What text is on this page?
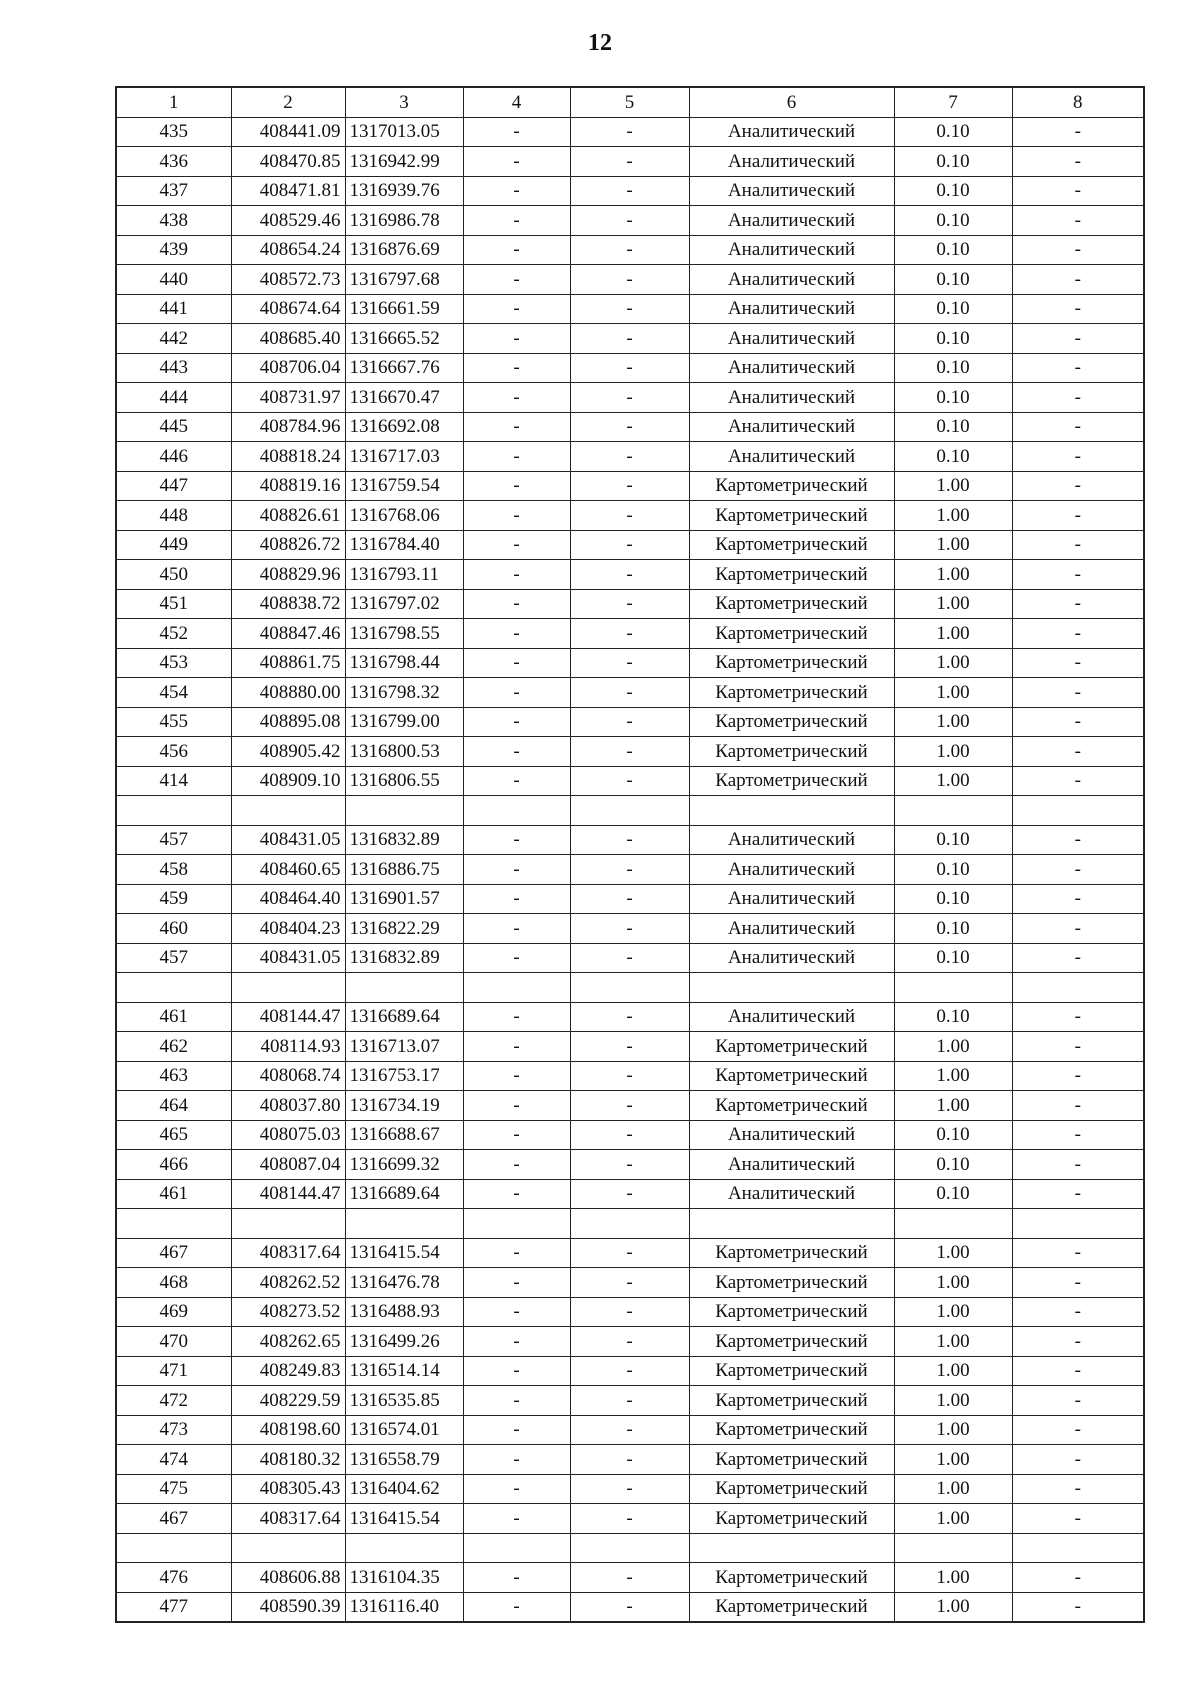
12
1	2	3	4	5	6	7	8
435	408441.09	1317013.05	-	-	Аналитический	0.10	-
436	408470.85	1316942.99	-	-	Аналитический	0.10	-
437	408471.81	1316939.76	-	-	Аналитический	0.10	-
438	408529.46	1316986.78	-	-	Аналитический	0.10	-
439	408654.24	1316876.69	-	-	Аналитический	0.10	-
440	408572.73	1316797.68	-	-	Аналитический	0.10	-
441	408674.64	1316661.59	-	-	Аналитический	0.10	-
442	408685.40	1316665.52	-	-	Аналитический	0.10	-
443	408706.04	1316667.76	-	-	Аналитический	0.10	-
444	408731.97	1316670.47	-	-	Аналитический	0.10	-
445	408784.96	1316692.08	-	-	Аналитический	0.10	-
446	408818.24	1316717.03	-	-	Аналитический	0.10	-
447	408819.16	1316759.54	-	-	Картометрический	1.00	-
448	408826.61	1316768.06	-	-	Картометрический	1.00	-
449	408826.72	1316784.40	-	-	Картометрический	1.00	-
450	408829.96	1316793.11	-	-	Картометрический	1.00	-
451	408838.72	1316797.02	-	-	Картометрический	1.00	-
452	408847.46	1316798.55	-	-	Картометрический	1.00	-
453	408861.75	1316798.44	-	-	Картометрический	1.00	-
454	408880.00	1316798.32	-	-	Картометрический	1.00	-
455	408895.08	1316799.00	-	-	Картометрический	1.00	-
456	408905.42	1316800.53	-	-	Картометрический	1.00	-
414	408909.10	1316806.55	-	-	Картометрический	1.00	-

457	408431.05	1316832.89	-	-	Аналитический	0.10	-
458	408460.65	1316886.75	-	-	Аналитический	0.10	-
459	408464.40	1316901.57	-	-	Аналитический	0.10	-
460	408404.23	1316822.29	-	-	Аналитический	0.10	-
457	408431.05	1316832.89	-	-	Аналитический	0.10	-

461	408144.47	1316689.64	-	-	Аналитический	0.10	-
462	408114.93	1316713.07	-	-	Картометрический	1.00	-
463	408068.74	1316753.17	-	-	Картометрический	1.00	-
464	408037.80	1316734.19	-	-	Картометрический	1.00	-
465	408075.03	1316688.67	-	-	Аналитический	0.10	-
466	408087.04	1316699.32	-	-	Аналитический	0.10	-
461	408144.47	1316689.64	-	-	Аналитический	0.10	-

467	408317.64	1316415.54	-	-	Картометрический	1.00	-
468	408262.52	1316476.78	-	-	Картометрический	1.00	-
469	408273.52	1316488.93	-	-	Картометрический	1.00	-
470	408262.65	1316499.26	-	-	Картометрический	1.00	-
471	408249.83	1316514.14	-	-	Картометрический	1.00	-
472	408229.59	1316535.85	-	-	Картометрический	1.00	-
473	408198.60	1316574.01	-	-	Картометрический	1.00	-
474	408180.32	1316558.79	-	-	Картометрический	1.00	-
475	408305.43	1316404.62	-	-	Картометрический	1.00	-
467	408317.64	1316415.54	-	-	Картометрический	1.00	-

476	408606.88	1316104.35	-	-	Картометрический	1.00	-
477	408590.39	1316116.40	-	-	Картометрический	1.00	-
